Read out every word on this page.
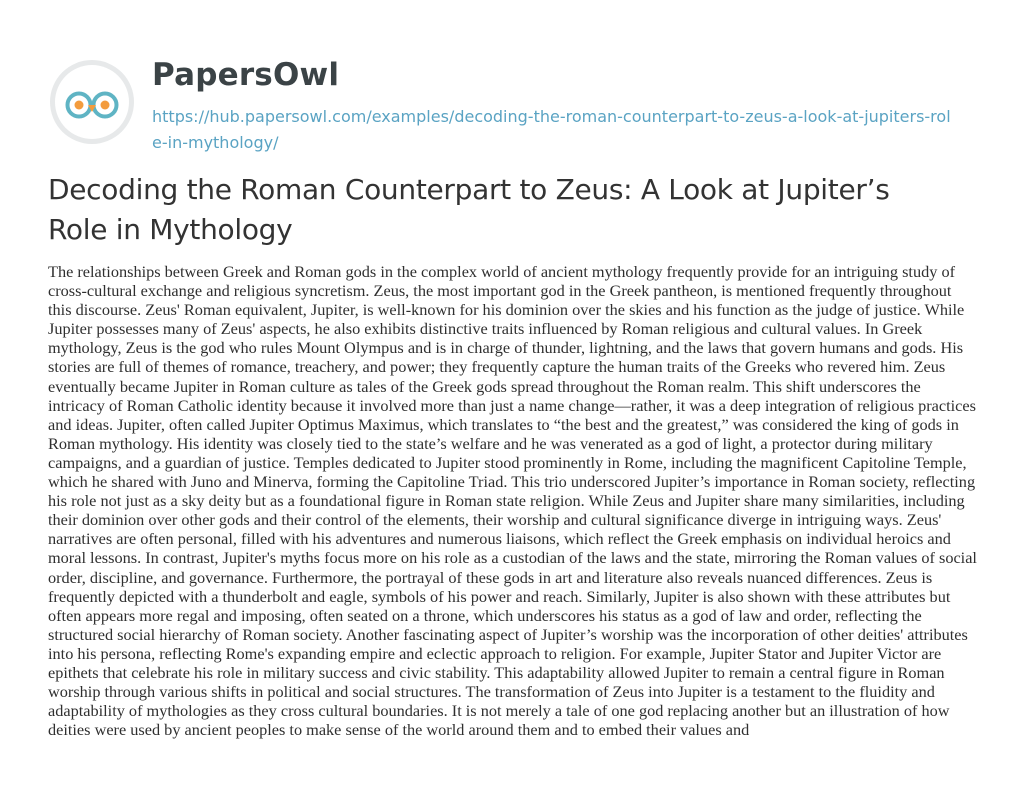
PapersOwl
https://hub.papersowl.com/examples/decoding-the-roman-counterpart-to-zeus-a-look-at-jupiters-role-in-mythology/
Decoding the Roman Counterpart to Zeus: A Look at Jupiter’s Role in Mythology

The relationships between Greek and Roman gods in the complex world of ancient mythology frequently provide for an intriguing study of cross-cultural exchange and religious syncretism. Zeus, the most important god in the Greek pantheon, is mentioned frequently throughout this discourse. Zeus' Roman equivalent, Jupiter, is well-known for his dominion over the skies and his function as the judge of justice. While Jupiter possesses many of Zeus' aspects, he also exhibits distinctive traits influenced by Roman religious and cultural values. In Greek mythology, Zeus is the god who rules Mount Olympus and is in charge of thunder, lightning, and the laws that govern humans and gods. His stories are full of themes of romance, treachery, and power; they frequently capture the human traits of the Greeks who revered him. Zeus eventually became Jupiter in Roman culture as tales of the Greek gods spread throughout the Roman realm. This shift underscores the intricacy of Roman Catholic identity because it involved more than just a name change—rather, it was a deep integration of religious practices and ideas. Jupiter, often called Jupiter Optimus Maximus, which translates to “the best and the greatest,” was considered the king of gods in Roman mythology. His identity was closely tied to the state’s welfare and he was venerated as a god of light, a protector during military campaigns, and a guardian of justice. Temples dedicated to Jupiter stood prominently in Rome, including the magnificent Capitoline Temple, which he shared with Juno and Minerva, forming the Capitoline Triad. This trio underscored Jupiter’s importance in Roman society, reflecting his role not just as a sky deity but as a foundational figure in Roman state religion. While Zeus and Jupiter share many similarities, including their dominion over other gods and their control of the elements, their worship and cultural significance diverge in intriguing ways. Zeus' narratives are often personal, filled with his adventures and numerous liaisons, which reflect the Greek emphasis on individual heroics and moral lessons. In contrast, Jupiter's myths focus more on his role as a custodian of the laws and the state, mirroring the Roman values of social order, discipline, and governance. Furthermore, the portrayal of these gods in art and literature also reveals nuanced differences. Zeus is frequently depicted with a thunderbolt and eagle, symbols of his power and reach. Similarly, Jupiter is also shown with these attributes but often appears more regal and imposing, often seated on a throne, which underscores his status as a god of law and order, reflecting the structured social hierarchy of Roman society. Another fascinating aspect of Jupiter’s worship was the incorporation of other deities' attributes into his persona, reflecting Rome's expanding empire and eclectic approach to religion. For example, Jupiter Stator and Jupiter Victor are epithets that celebrate his role in military success and civic stability. This adaptability allowed Jupiter to remain a central figure in Roman worship through various shifts in political and social structures. The transformation of Zeus into Jupiter is a testament to the fluidity and adaptability of mythologies as they cross cultural boundaries. It is not merely a tale of one god replacing another but an illustration of how deities were used by ancient peoples to make sense of the world around them and to embed their values and
